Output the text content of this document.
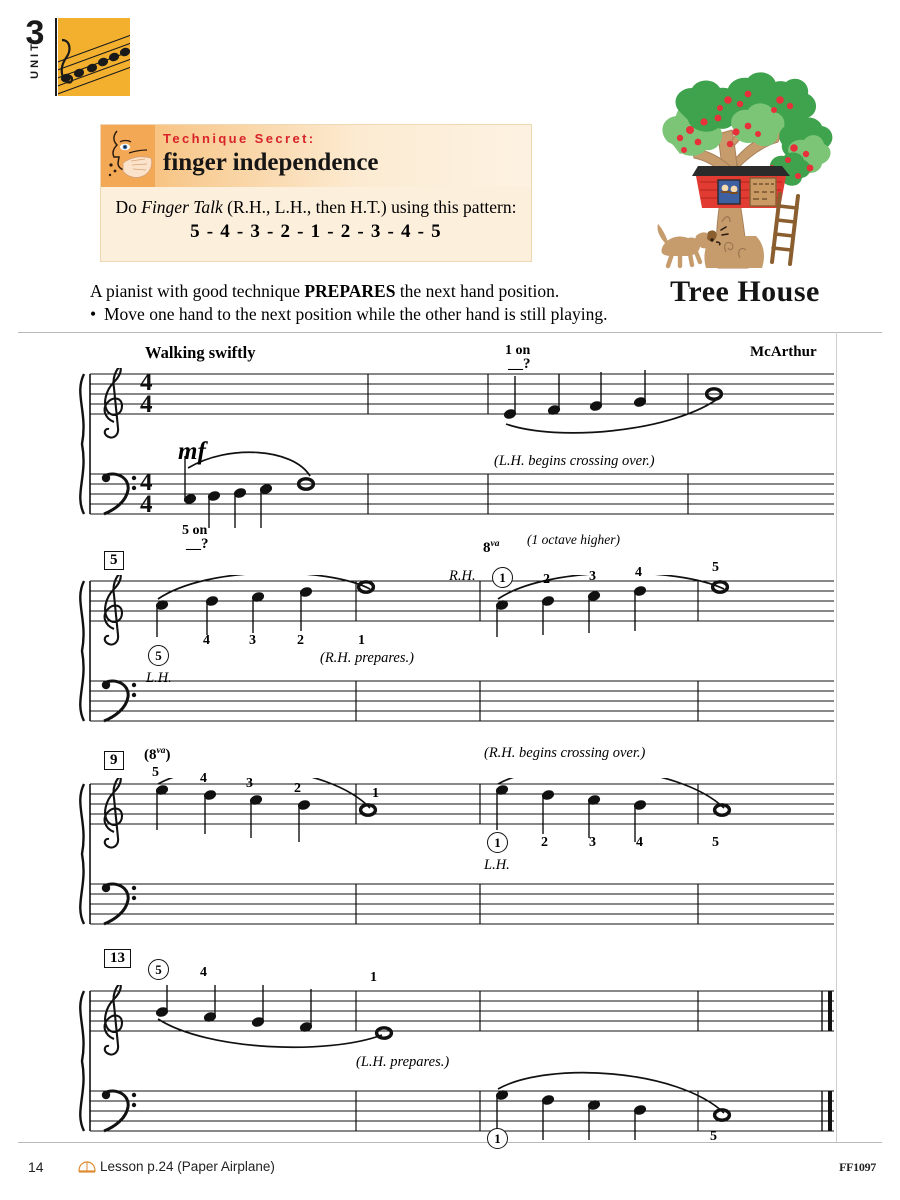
3
UNIT
Technique Secret:
finger independence
Do Finger Talk (R.H., L.H., then H.T.) using this pattern:
5 - 4 - 3 - 2 - 1 - 2 - 3 - 4 - 5
Tree House
A pianist with good technique PREPARES the next hand position.
• Move one hand to the next position while the other hand is still playing.
Walking swiftly	McArthur
1 on
__?
4
4
4
4
mf
5 on
__?
(L.H. begins crossing over.)
5
$8^{va}$ (1 octave higher)
R.H.
5
4	3	2	1
(R.H. prepares.)
L.H.
1	2	3	4	5
9	$(8^{va})$	(R.H. begins crossing over.)
5	4	3	2	1
1	2	3	4	5
L.H.
13
5	4	1
(L.H. prepares.)
1	5
14	Lesson p.24 (Paper Airplane)	FF1097
